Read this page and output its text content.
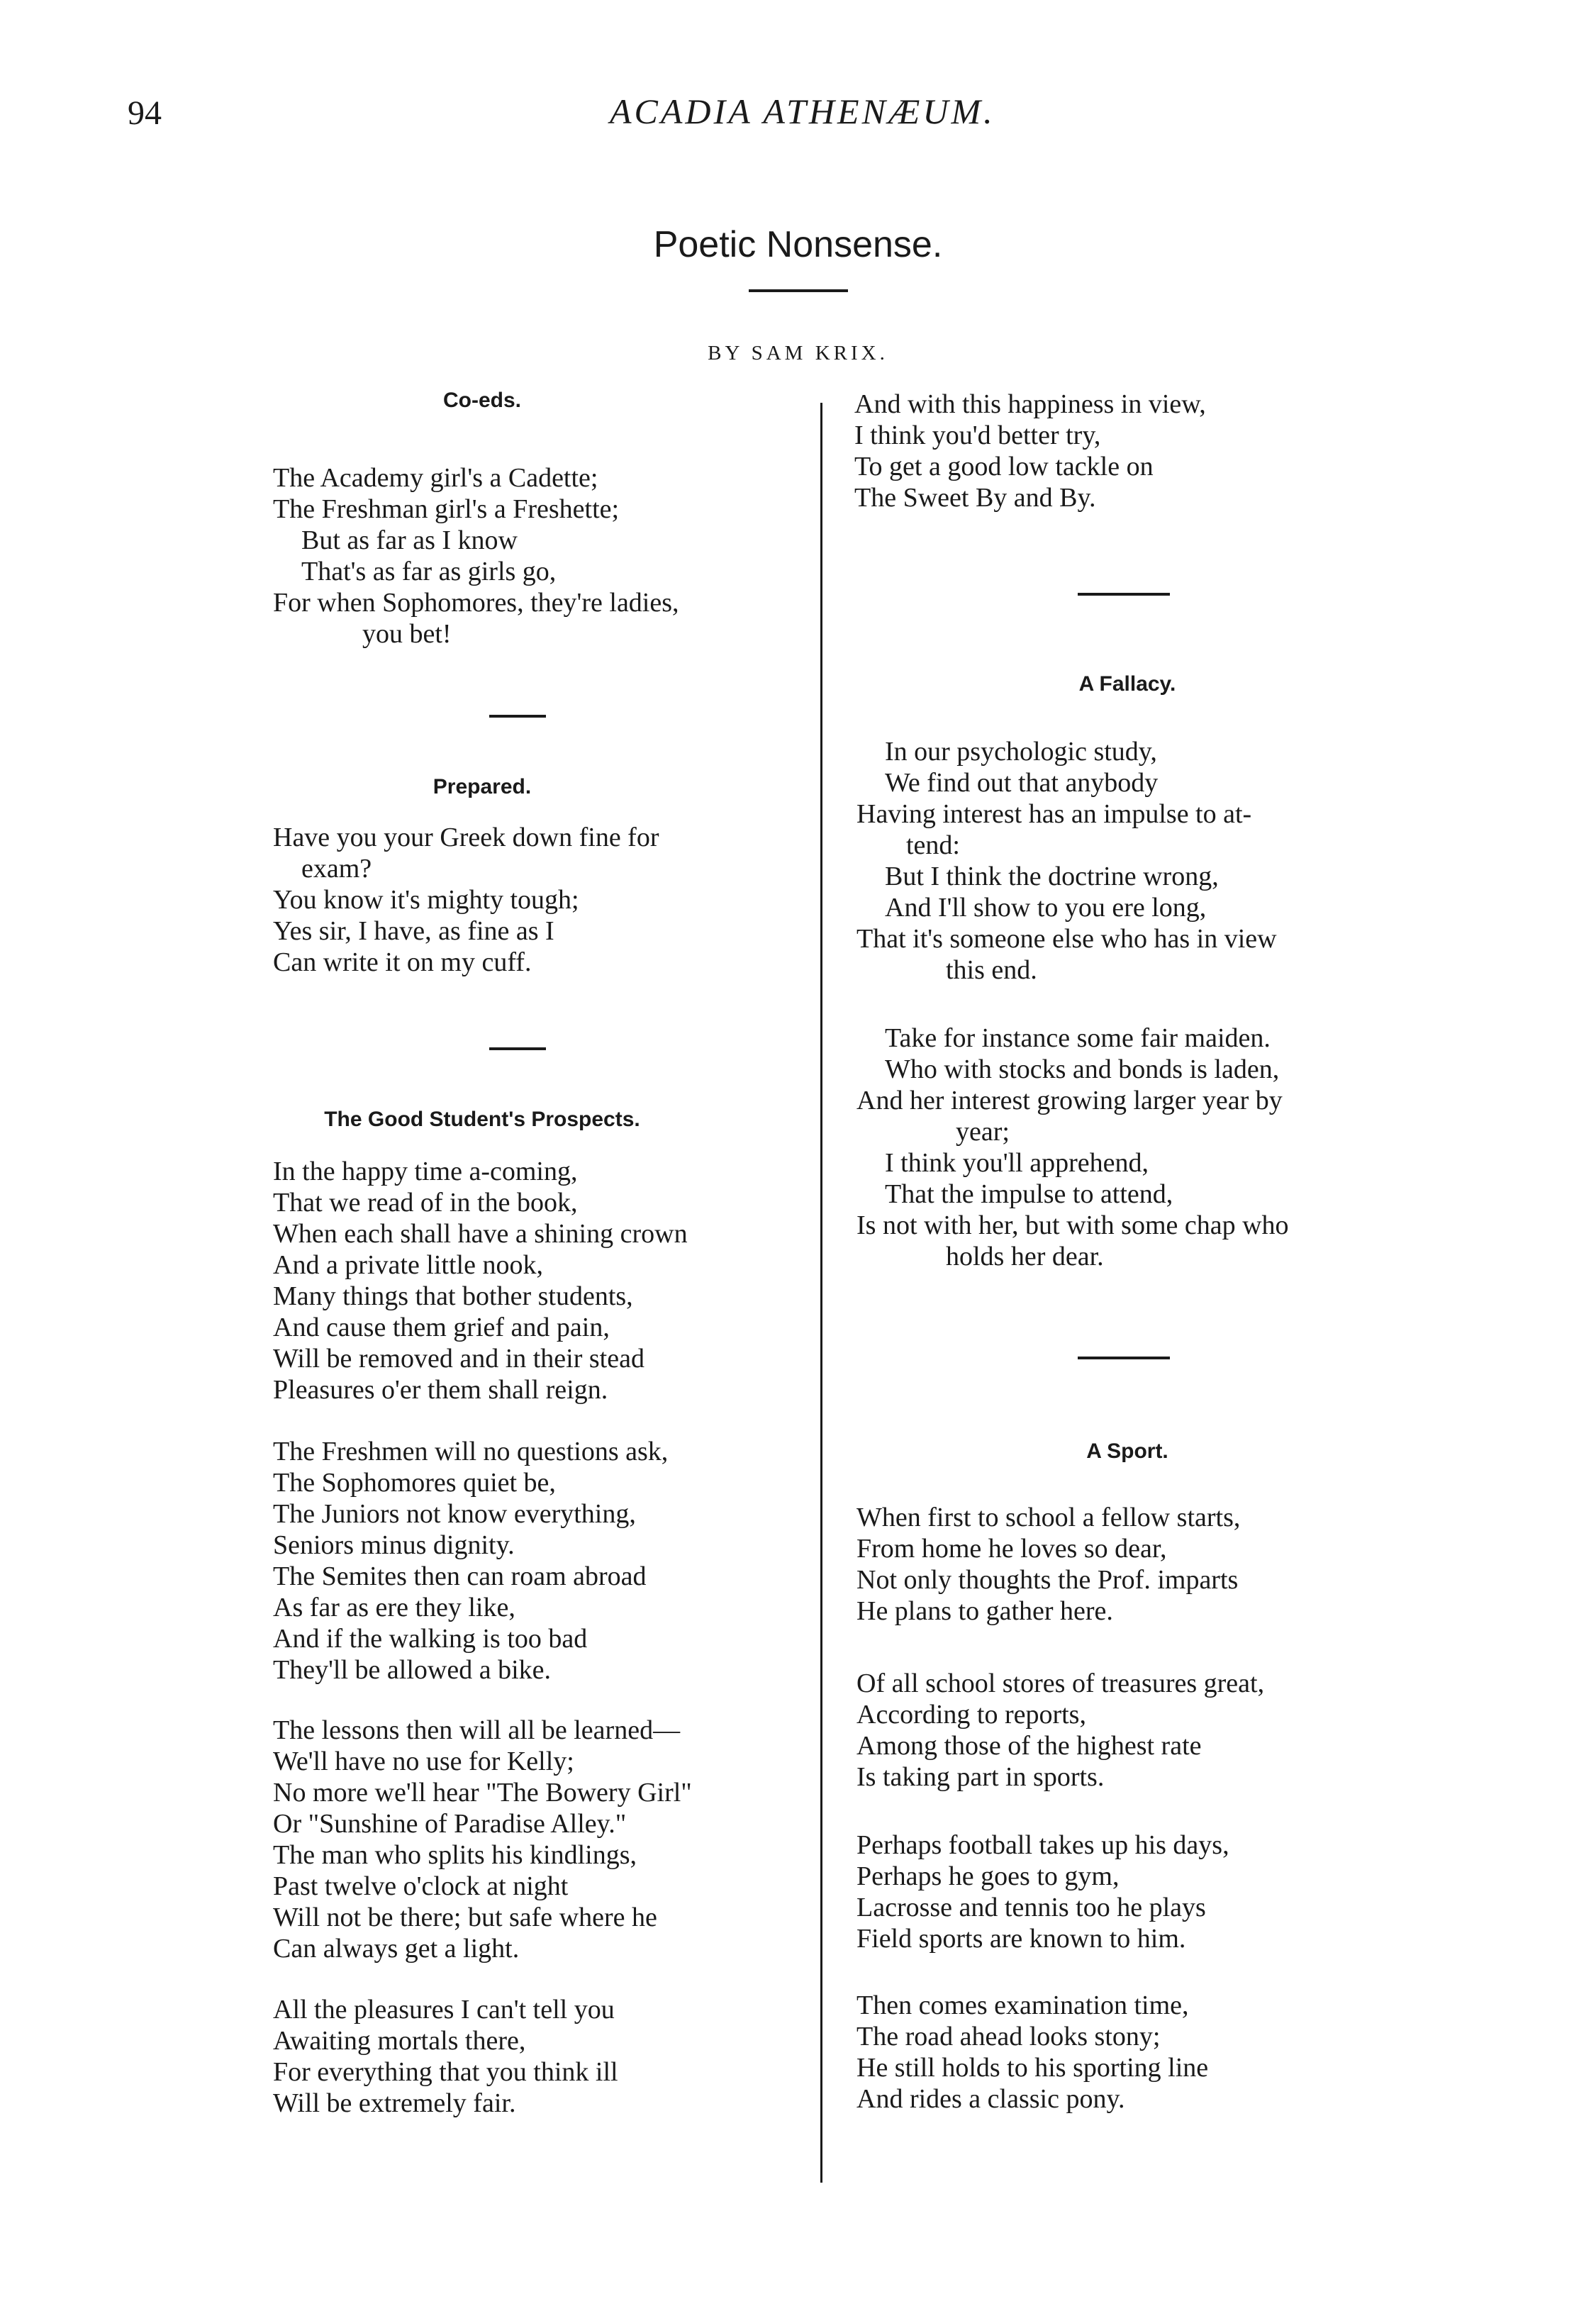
94	ACADIA ATHENÆUM.
Poetic Nonsense.
BY SAM KRIX.
Co-eds.
The Academy girl's a Cadette;
The Freshman girl's a Freshette;
But as far as I know
That's as far as girls go,
For when Sophomores, they're ladies,
you bet!
Prepared.
Have you your Greek down fine for
exam?
You know it's mighty tough;
Yes sir, I have, as fine as I
Can write it on my cuff.
The Good Student's Prospects.
In the happy time a-coming,
That we read of in the book,
When each shall have a shining crown
And a private little nook,
Many things that bother students,
And cause them grief and pain,
Will be removed and in their stead
Pleasures o'er them shall reign.
The Freshmen will no questions ask,
The Sophomores quiet be,
The Juniors not know everything,
Seniors minus dignity.
The Semites then can roam abroad
As far as ere they like,
And if the walking is too bad
They'll be allowed a bike.
The lessons then will all be learned—
We'll have no use for Kelly;
No more we'll hear "The Bowery Girl"
Or "Sunshine of Paradise Alley."
The man who splits his kindlings,
Past twelve o'clock at night
Will not be there; but safe where he
Can always get a light.
All the pleasures I can't tell you
Awaiting mortals there,
For everything that you think ill
Will be extremely fair.
And with this happiness in view,
I think you'd better try,
To get a good low tackle on
The Sweet By and By.
A Fallacy.
In our psychologic study,
We find out that anybody
Having interest has an impulse to at-
tend:
But I think the doctrine wrong,
And I'll show to you ere long,
That it's someone else who has in view
this end.
Take for instance some fair maiden.
Who with stocks and bonds is laden,
And her interest growing larger year by
year;
I think you'll apprehend,
That the impulse to attend,
Is not with her, but with some chap who
holds her dear.
A Sport.
When first to school a fellow starts,
From home he loves so dear,
Not only thoughts the Prof. imparts
He plans to gather here.
Of all school stores of treasures great,
According to reports,
Among those of the highest rate
Is taking part in sports.
Perhaps football takes up his days,
Perhaps he goes to gym,
Lacrosse and tennis too he plays
Field sports are known to him.
Then comes examination time,
The road ahead looks stony;
He still holds to his sporting line
And rides a classic pony.
